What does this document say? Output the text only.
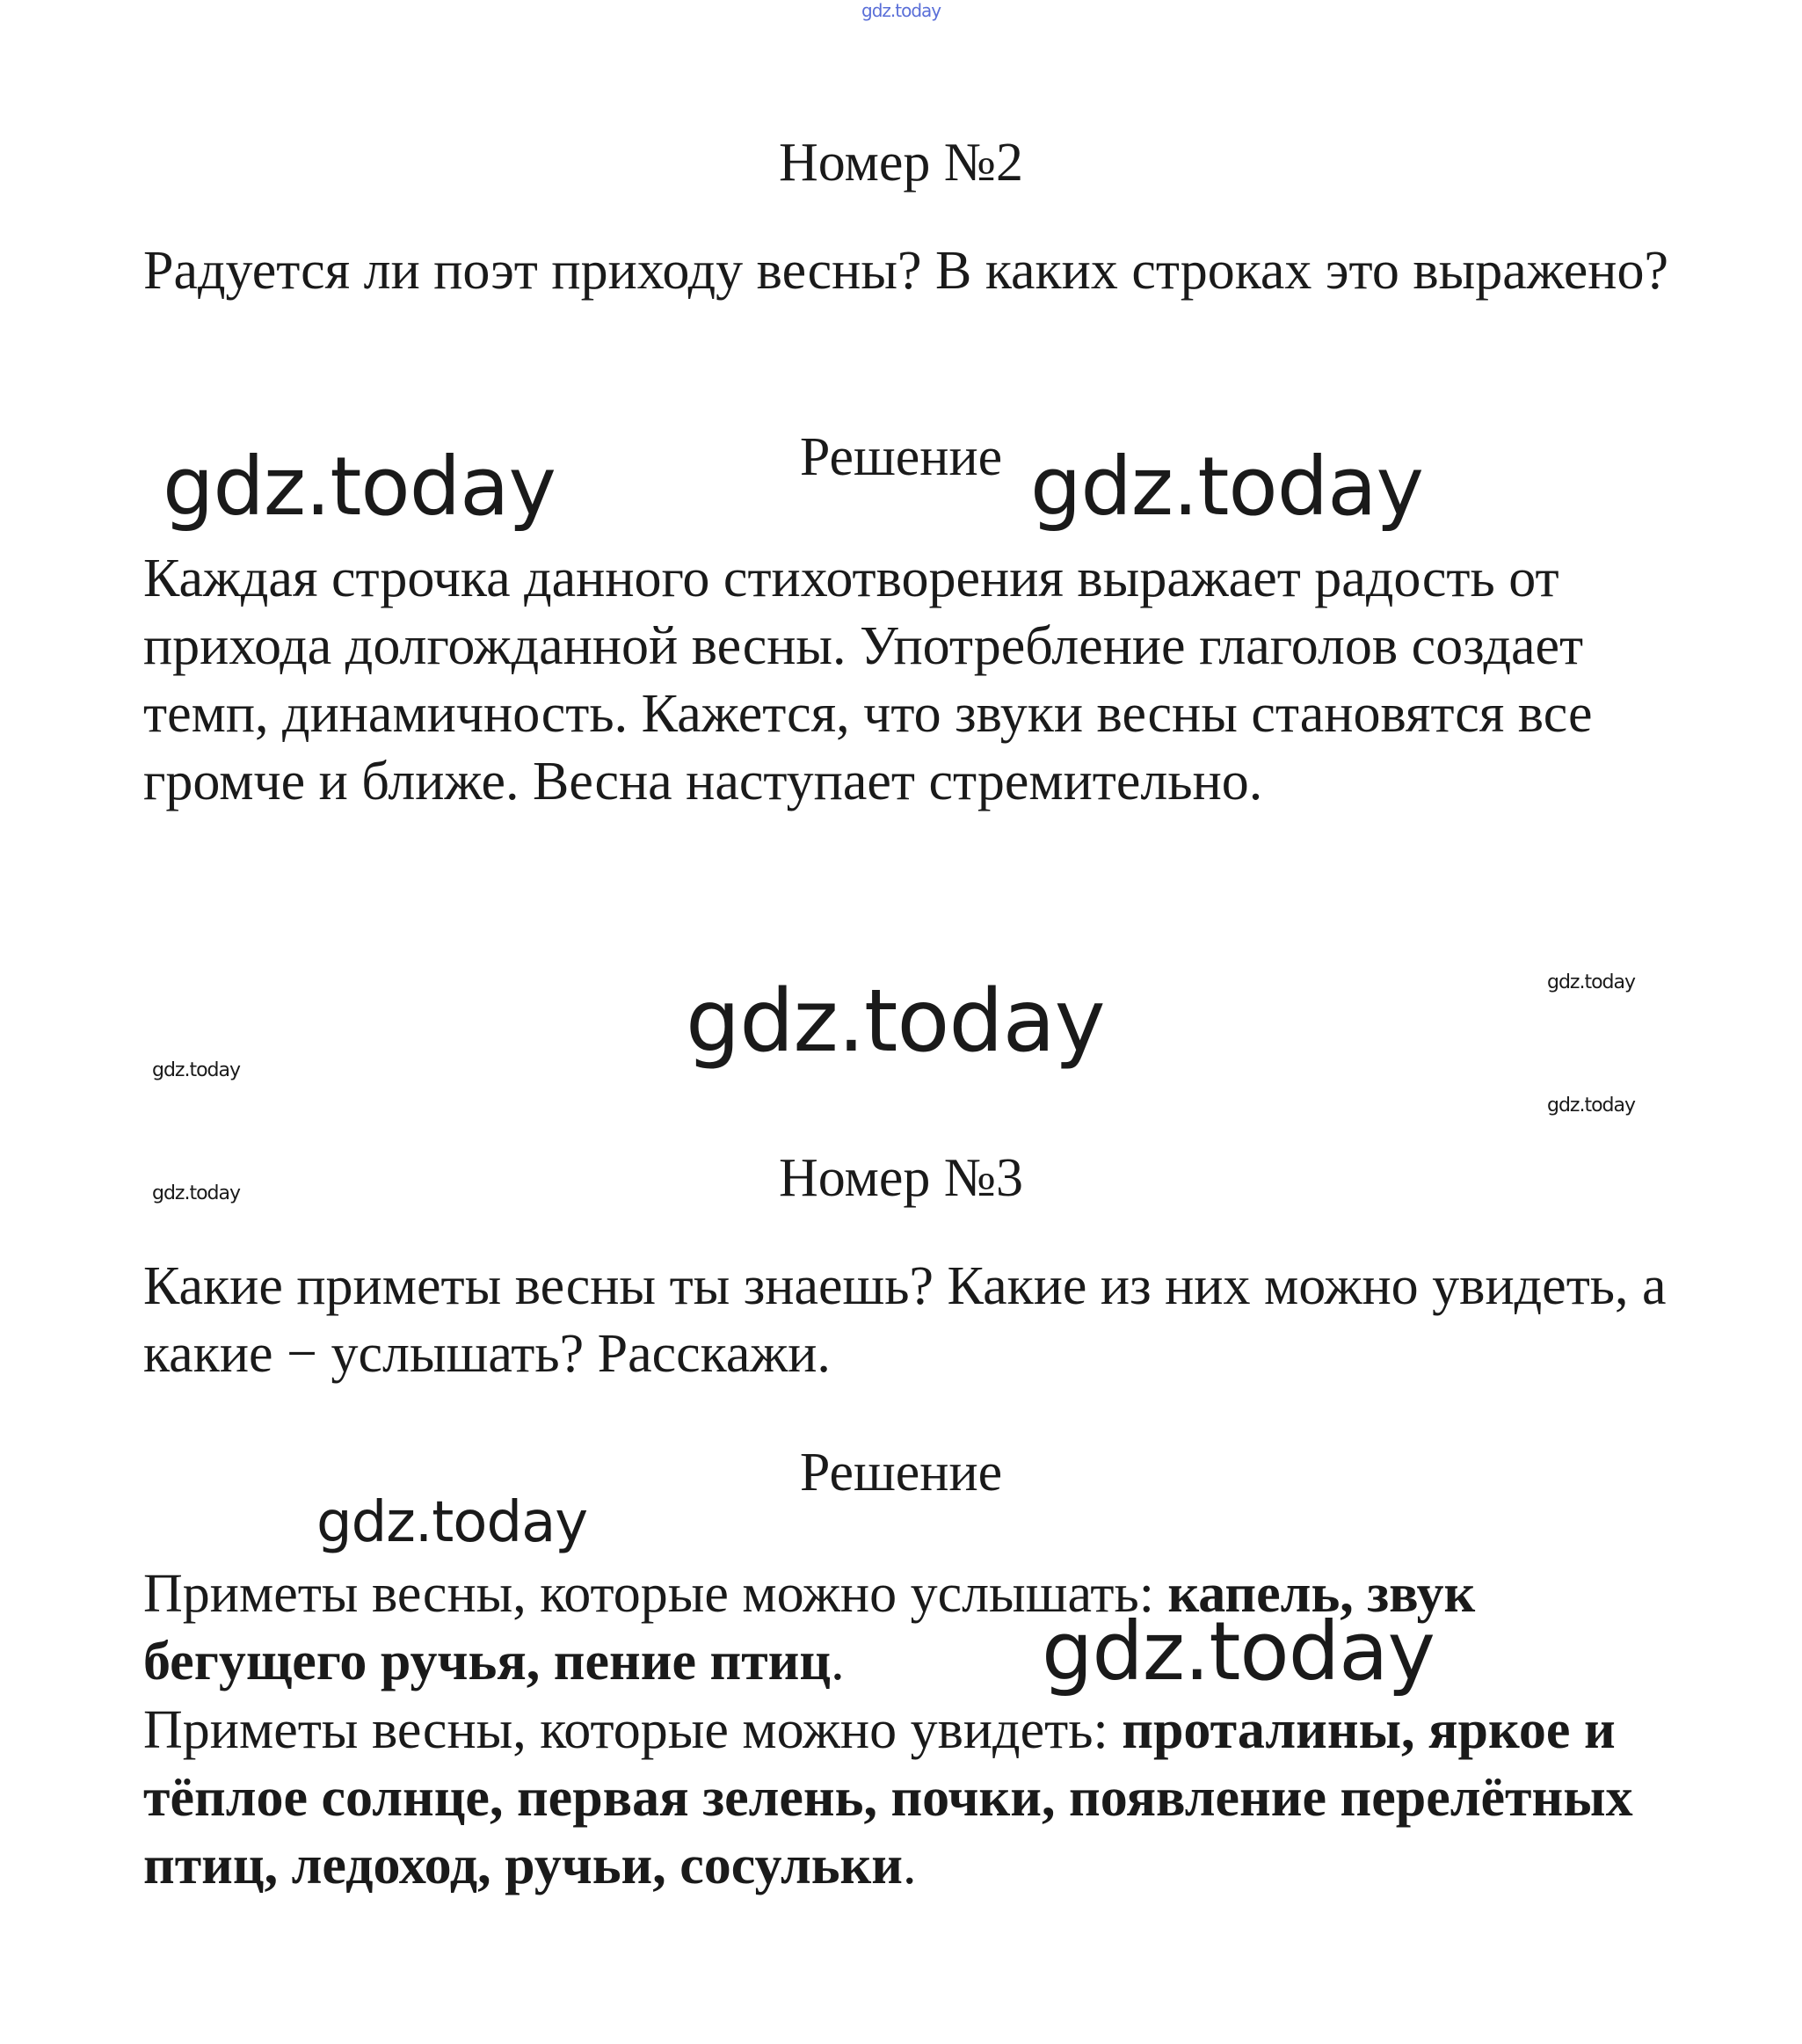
gdz.today
Номер №2

Радуется ли поэт приходу весны? В каких строках это выражено?

Решение
gdz.today	gdz.today

Каждая строчка данного стихотворения выражает радость от прихода долгожданной весны. Употребление глаголов создает темп, динамичность. Кажется, что звуки весны становятся все громче и ближе. Весна наступает стремительно.

gdz.today	gdz.today
gdz.today
gdz.today
gdz.today	Номер №3

Какие приметы весны ты знаешь? Какие из них можно увидеть, а какие − услышать? Расскажи.

Решение
gdz.today

Приметы весны, которые можно услышать: капель, звук бегущего ручья, пение птиц.	gdz.today

Приметы весны, которые можно увидеть: проталины, яркое и тёплое солнце, первая зелень, почки, появление перелётных птиц, ледоход, ручьи, сосульки.
